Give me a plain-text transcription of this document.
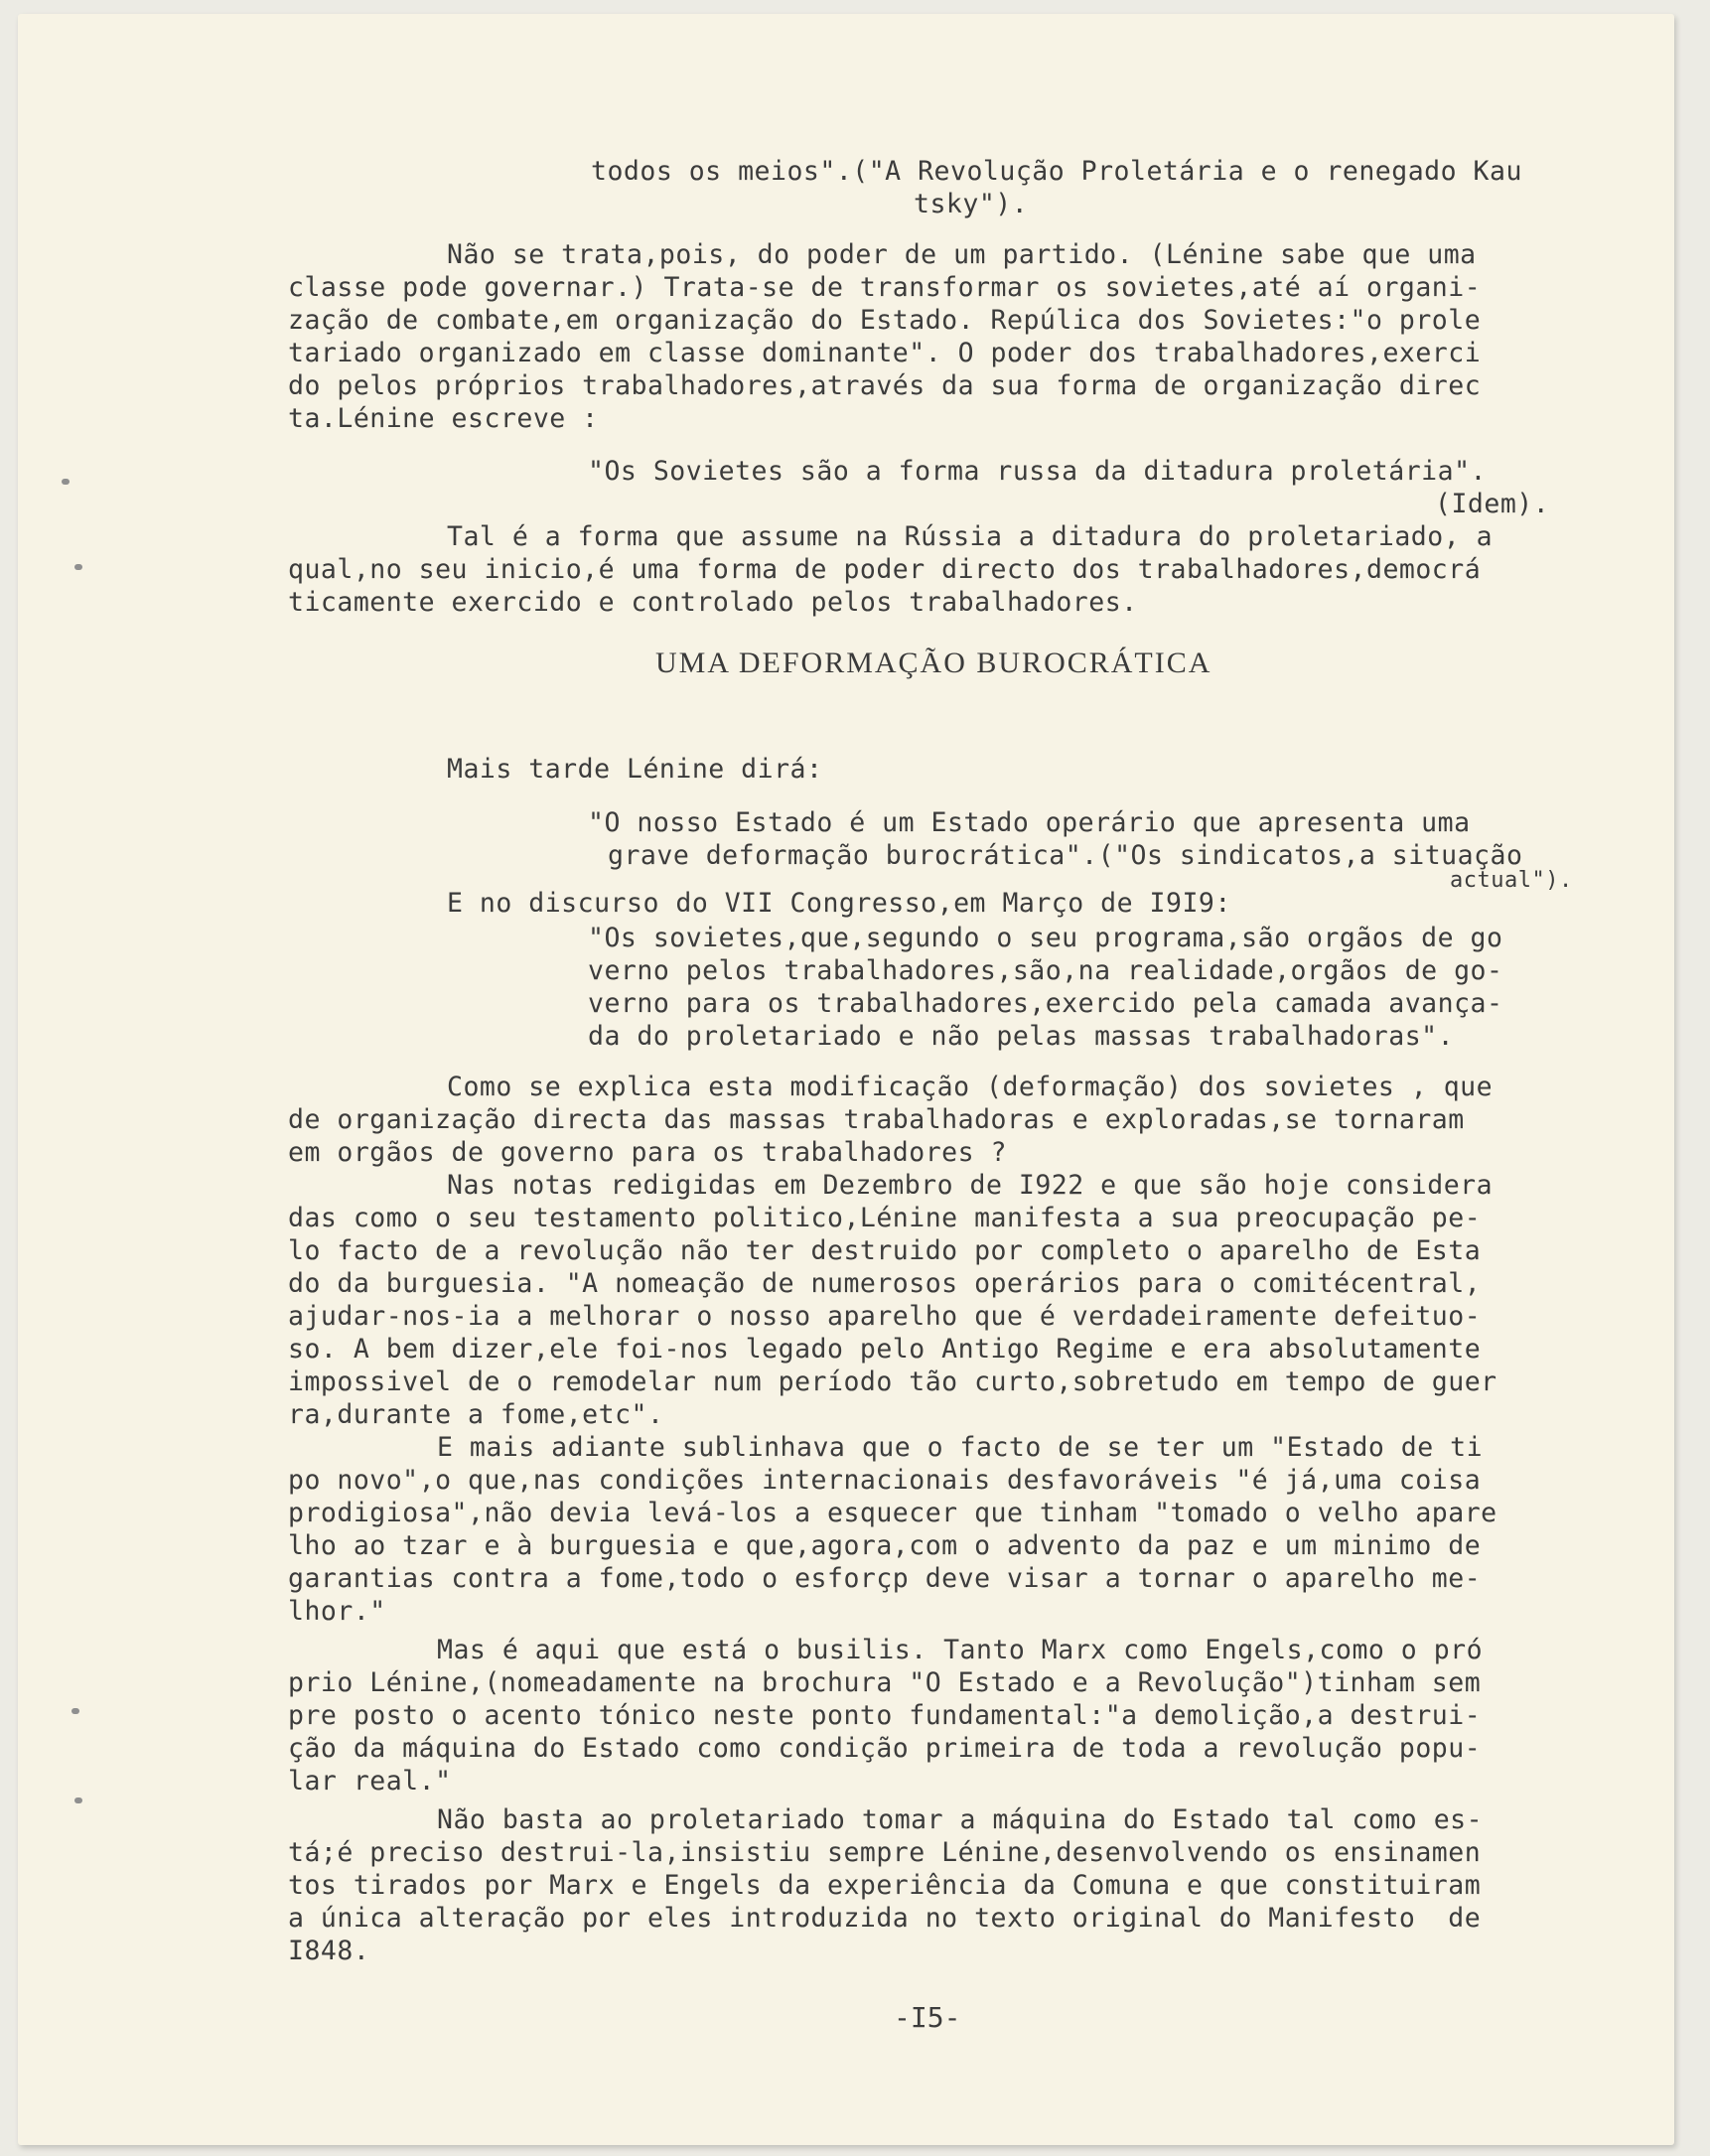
todos os meios".("A Revolução Proletária e o renegado Kau
tsky").
Não se trata,pois, do poder de um partido. (Lénine sabe que uma
classe pode governar.) Trata-se de transformar os sovietes,até aí organi-
zação de combate,em organização do Estado. Repúlica dos Sovietes:"o prole
tariado organizado em classe dominante". O poder dos trabalhadores,exerci
do pelos próprios trabalhadores,através da sua forma de organização direc
ta.Lénine escreve :
"Os Sovietes são a forma russa da ditadura proletária".
(Idem).
Tal é a forma que assume na Rússia a ditadura do proletariado, a
qual,no seu inicio,é uma forma de poder directo dos trabalhadores,democrá
ticamente exercido e controlado pelos trabalhadores.
UMA DEFORMAÇÃO BUROCRÁTICA
Mais tarde Lénine dirá:
"O nosso Estado é um Estado operário que apresenta uma
grave deformação burocrática".("Os sindicatos,a situação
actual").
E no discurso do VII Congresso,em Março de I9I9:
"Os sovietes,que,segundo o seu programa,são orgãos de go
verno pelos trabalhadores,são,na realidade,orgãos de go-
verno para os trabalhadores,exercido pela camada avança-
da do proletariado e não pelas massas trabalhadoras".
Como se explica esta modificação (deformação) dos sovietes , que
de organização directa das massas trabalhadoras e exploradas,se tornaram
em orgãos de governo para os trabalhadores ?
Nas notas redigidas em Dezembro de I922 e que são hoje considera
das como o seu testamento politico,Lénine manifesta a sua preocupação pe-
lo facto de a revolução não ter destruido por completo o aparelho de Esta
do da burguesia. "A nomeação de numerosos operários para o comitécentral,
ajudar-nos-ia a melhorar o nosso aparelho que é verdadeiramente defeituo-
so. A bem dizer,ele foi-nos legado pelo Antigo Regime e era absolutamente
impossivel de o remodelar num período tão curto,sobretudo em tempo de guer
ra,durante a fome,etc".
E mais adiante sublinhava que o facto de se ter um "Estado de ti
po novo",o que,nas condições internacionais desfavoráveis "é já,uma coisa
prodigiosa",não devia levá-los a esquecer que tinham "tomado o velho apare
lho ao tzar e à burguesia e que,agora,com o advento da paz e um minimo de
garantias contra a fome,todo o esforçp deve visar a tornar o aparelho me-
lhor."
Mas é aqui que está o busilis. Tanto Marx como Engels,como o pró
prio Lénine,(nomeadamente na brochura "O Estado e a Revolução")tinham sem
pre posto o acento tónico neste ponto fundamental:"a demolição,a destrui-
ção da máquina do Estado como condição primeira de toda a revolução popu-
lar real."
Não basta ao proletariado tomar a máquina do Estado tal como es-
tá;é preciso destrui-la,insistiu sempre Lénine,desenvolvendo os ensinamen
tos tirados por Marx e Engels da experiência da Comuna e que constituiram
a única alteração por eles introduzida no texto original do Manifesto  de
I848.
-I5-
